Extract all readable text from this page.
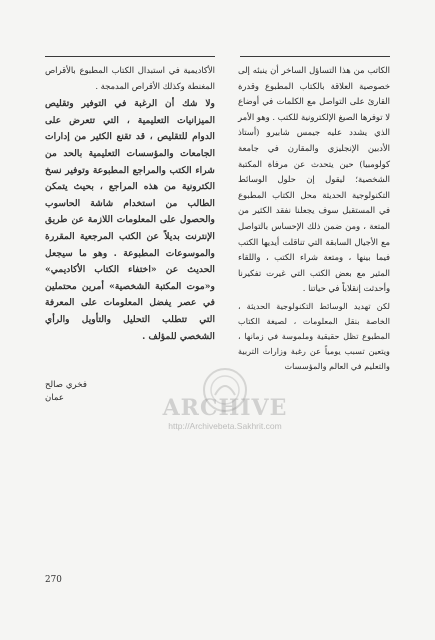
الكاتب من هذا التساؤل الساخر أن ينبئه إلى خصوصية العلاقة بالكتاب المطبوع وقدرة القارئ على التواصل مع الكلمات في أوضاع لا توفرها الصيغ الإلكترونية للكتب . وهو الأمر الذي يشدد عليه جيمس شابيرو (أستاذ الأدبين الإنجليزي والمقارن في جامعة كولومبيا) حين يتحدث عن مرفاة المكتبة الشخصية؛ ليقول إن حلول الوسائط التكنولوجية الحديثة محل الكتاب المطبوع في المستقبل سوف يجعلنا نفقد الكثير من المتعة ، ومن ضمن ذلك الإحساس بالتواصل مع الأجيال السابقة التي تناقلت أيديها الكتب فيما بينها ، ومتعة شراء الكتب ، واللقاء المثير مع بعض الكتب التي غيرت تفكيرنا وأحدثت إنقلاباً في حياتنا .

لكن تهديد الوسائط التكنولوجية الحديثة ، الخاصة بنقل المعلومات ، لصيغة الكتاب المطبوع تظل حقيقية وملموسة في زمانها ، ويتعين تسبب يومياً عن رغبة وزارات التربية والتعليم في العالم والمؤسسات

الأكاديمية في استبدال الكتاب المطبوع بالأقراص المغنطة وكذلك الأقراص المدمجة .

ولا شك أن الرغبة في التوفير وتقليص الميزانيات التعليمية ، التي تتعرض على الدوام للتقليص ، قد تقنع الكثير من إدارات الجامعات والمؤسسات التعليمية بالحد من شراء الكتب والمراجع المطبوعة وتوفير نسخ الكترونية من هذه المراجع ، بحيث يتمكن الطالب من استخدام شاشة الحاسوب والحصول على المعلومات اللازمة عن طريق الإنترنت بديلاً عن الكتب المرجعية المقررة والموسوعات المطبوعة . وهو ما سيجعل الحديث عن «اختفاء الكتاب الأكاديمي» و«موت المكتبة الشخصية» أمرين محتملين في عصر يفضل المعلومات على المعرفة التي تتطلب التحليل والتأويل والرأي الشخصي للمؤلف .

فخري صالح
عمان	ARCHIVE
http://Archivebeta.Sakhrit.com
270
